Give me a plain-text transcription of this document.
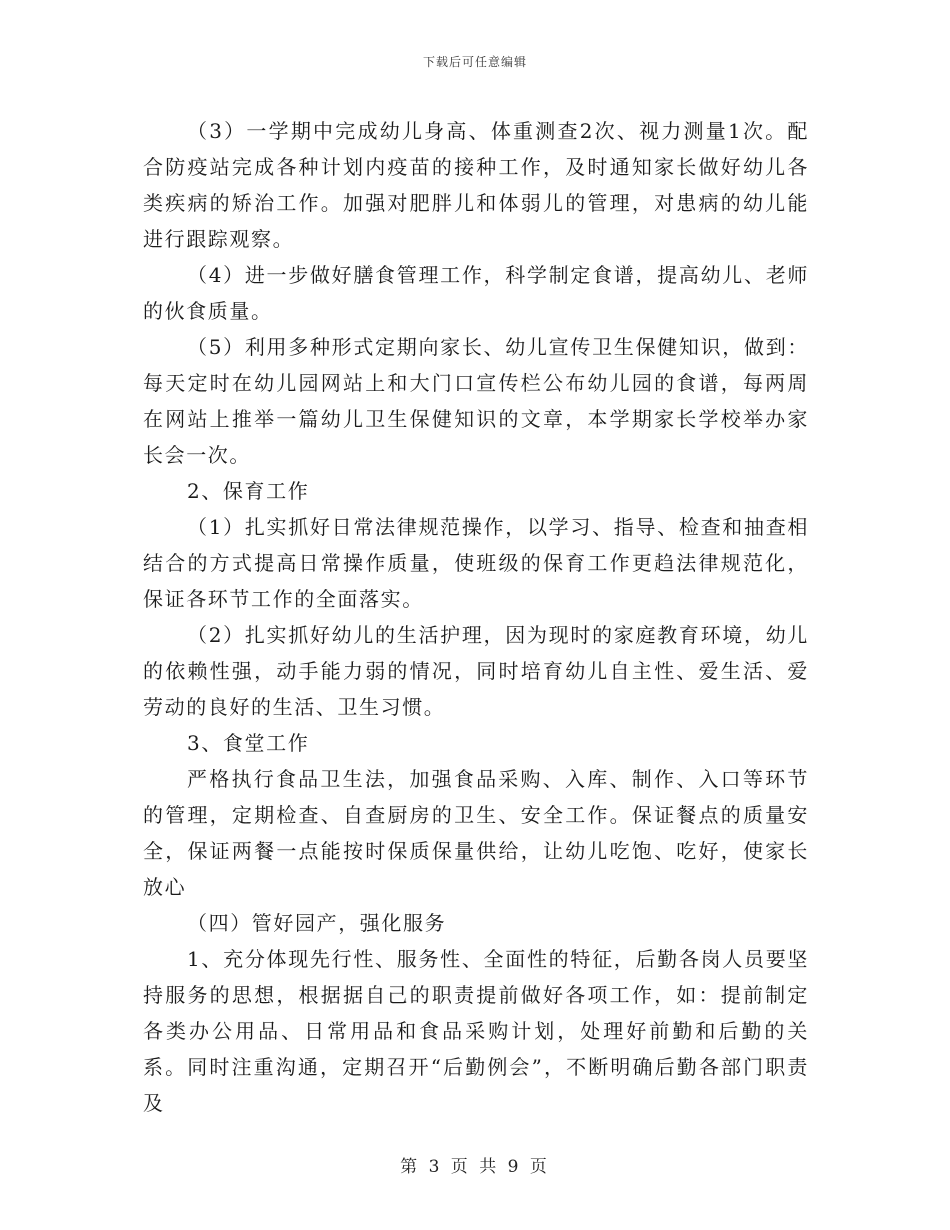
下载后可任意编辑

（3）一学期中完成幼儿身高、体重测查2次、视力测量1次。配合防疫站完成各种计划内疫苗的接种工作，及时通知家长做好幼儿各类疾病的矫治工作。加强对肥胖儿和体弱儿的管理，对患病的幼儿能进行跟踪观察。

（4）进一步做好膳食管理工作，科学制定食谱，提高幼儿、老师的伙食质量。

（5）利用多种形式定期向家长、幼儿宣传卫生保健知识，做到：每天定时在幼儿园网站上和大门口宣传栏公布幼儿园的食谱，每两周在网站上推举一篇幼儿卫生保健知识的文章，本学期家长学校举办家长会一次。

2、保育工作

（1）扎实抓好日常法律规范操作，以学习、指导、检查和抽查相结合的方式提高日常操作质量，使班级的保育工作更趋法律规范化，保证各环节工作的全面落实。

（2）扎实抓好幼儿的生活护理，因为现时的家庭教育环境，幼儿的依赖性强，动手能力弱的情况，同时培育幼儿自主性、爱生活、爱劳动的良好的生活、卫生习惯。

3、食堂工作

严格执行食品卫生法，加强食品采购、入库、制作、入口等环节的管理，定期检查、自查厨房的卫生、安全工作。保证餐点的质量安全，保证两餐一点能按时保质保量供给，让幼儿吃饱、吃好，使家长放心

（四）管好园产，强化服务

1、充分体现先行性、服务性、全面性的特征，后勤各岗人员要坚持服务的思想，根据据自己的职责提前做好各项工作，如：提前制定各类办公用品、日常用品和食品采购计划，处理好前勤和后勤的关系。同时注重沟通，定期召开“后勤例会”，不断明确后勤各部门职责及

第 3 页 共 9 页
